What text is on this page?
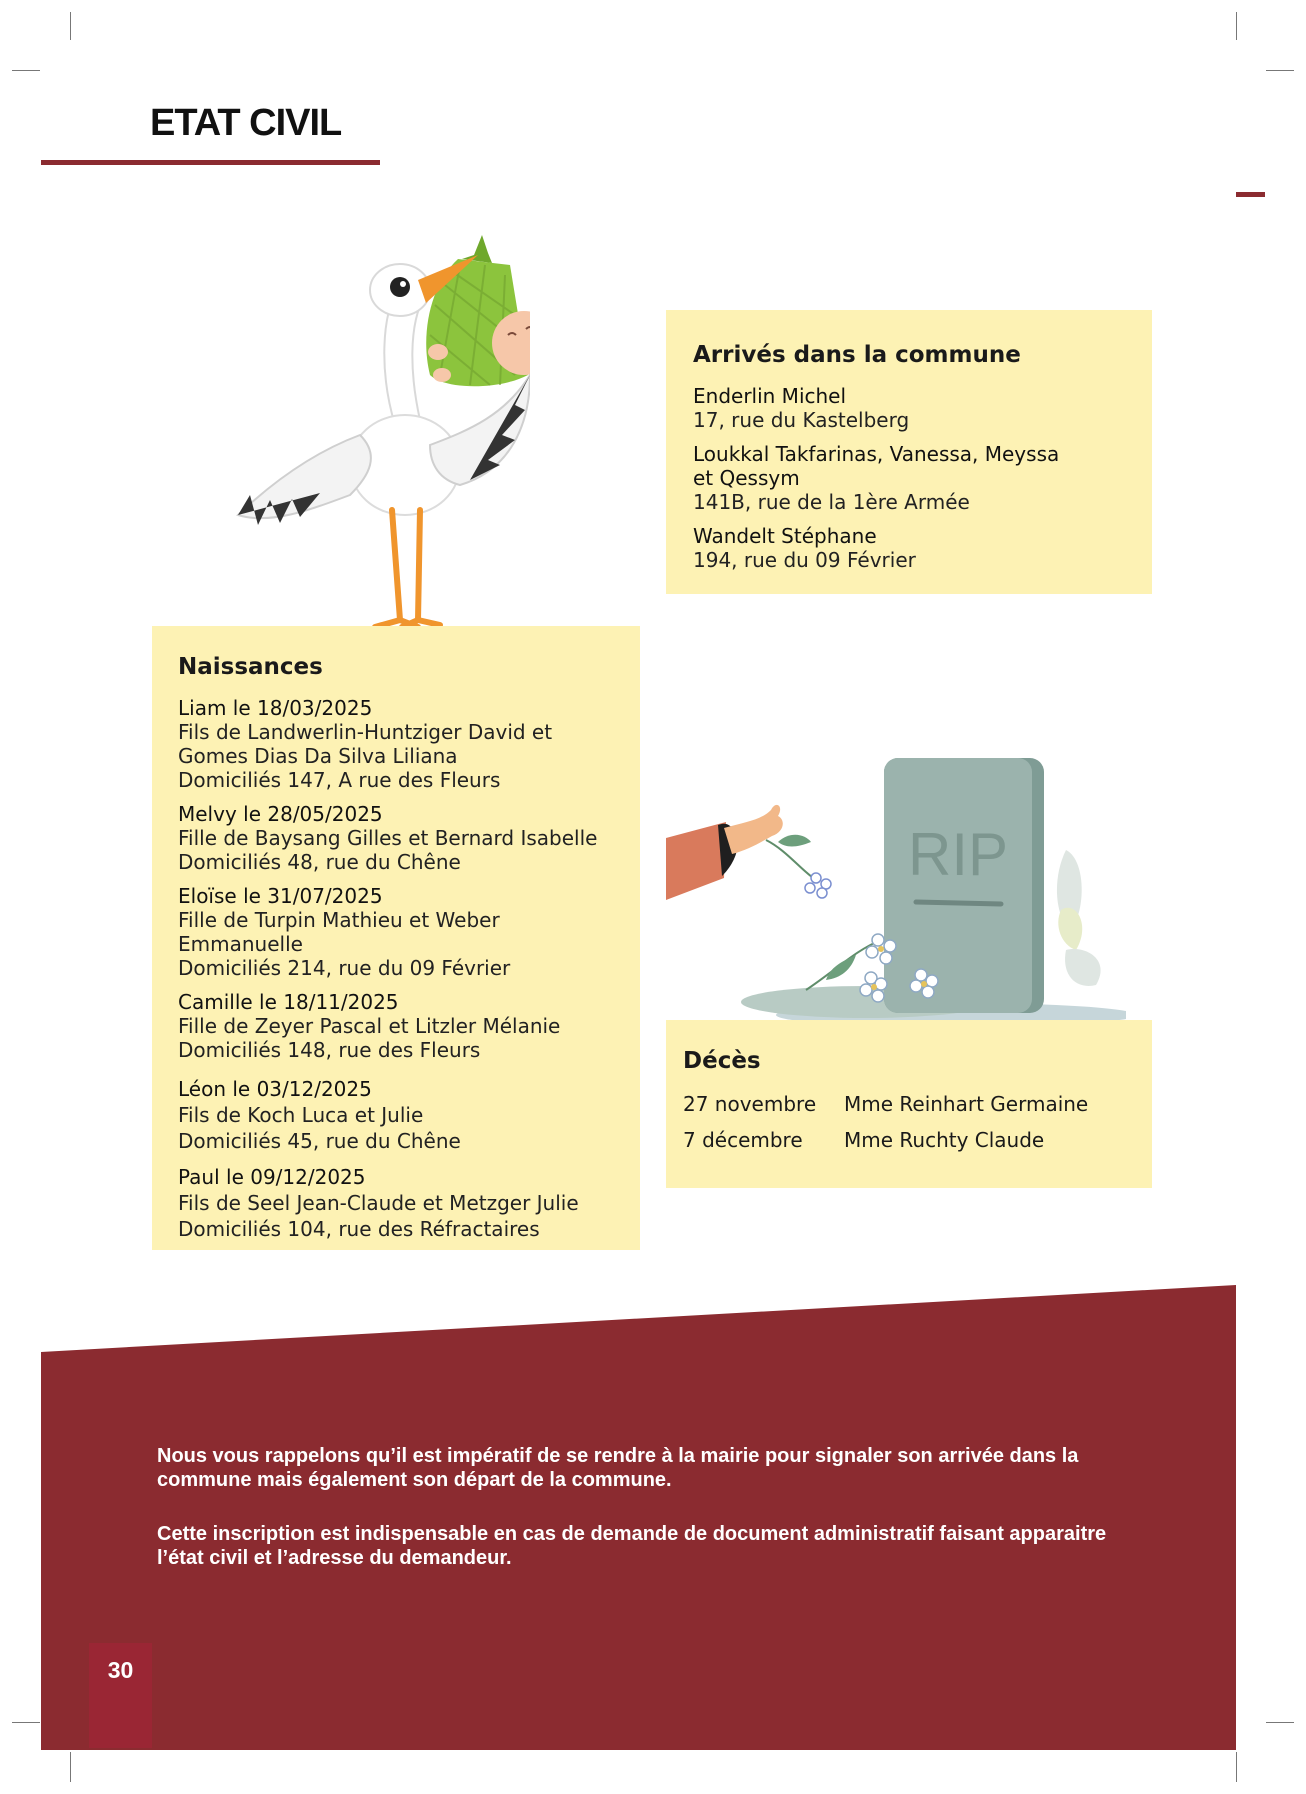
ETAT CIVIL
Arrivés dans la commune
Enderlin Michel
17, rue du Kastelberg
Loukkal Takfarinas, Vanessa, Meyssa et Qessym
141B, rue de la 1ère Armée
Wandelt Stéphane
194, rue du 09 Février
Naissances
Liam le 18/03/2025
Fils de Landwerlin-Huntziger David et Gomes Dias Da Silva Liliana
Domiciliés 147, A rue des Fleurs
Melvy le 28/05/2025
Fille de Baysang Gilles et Bernard Isabelle
Domiciliés 48, rue du Chêne
Eloïse le 31/07/2025
Fille de Turpin Mathieu et Weber Emmanuelle
Domiciliés 214, rue du 09 Février
Camille le 18/11/2025
Fille de Zeyer Pascal et Litzler Mélanie
Domiciliés 148, rue des Fleurs
Léon le 03/12/2025
Fils de Koch Luca et Julie
Domiciliés 45, rue du Chêne
Paul le 09/12/2025
Fils de Seel Jean-Claude et Metzger Julie
Domiciliés 104, rue des Réfractaires
RIP
Décès
27 novembre	Mme Reinhart Germaine
7 décembre	Mme Ruchty Claude
Nous vous rappelons qu’il est impératif de se rendre à la mairie pour signaler son arrivée dans la commune mais également son départ de la commune.
Cette inscription est indispensable en cas de demande de document administratif faisant apparaitre l’état civil et l’adresse du demandeur.
30
